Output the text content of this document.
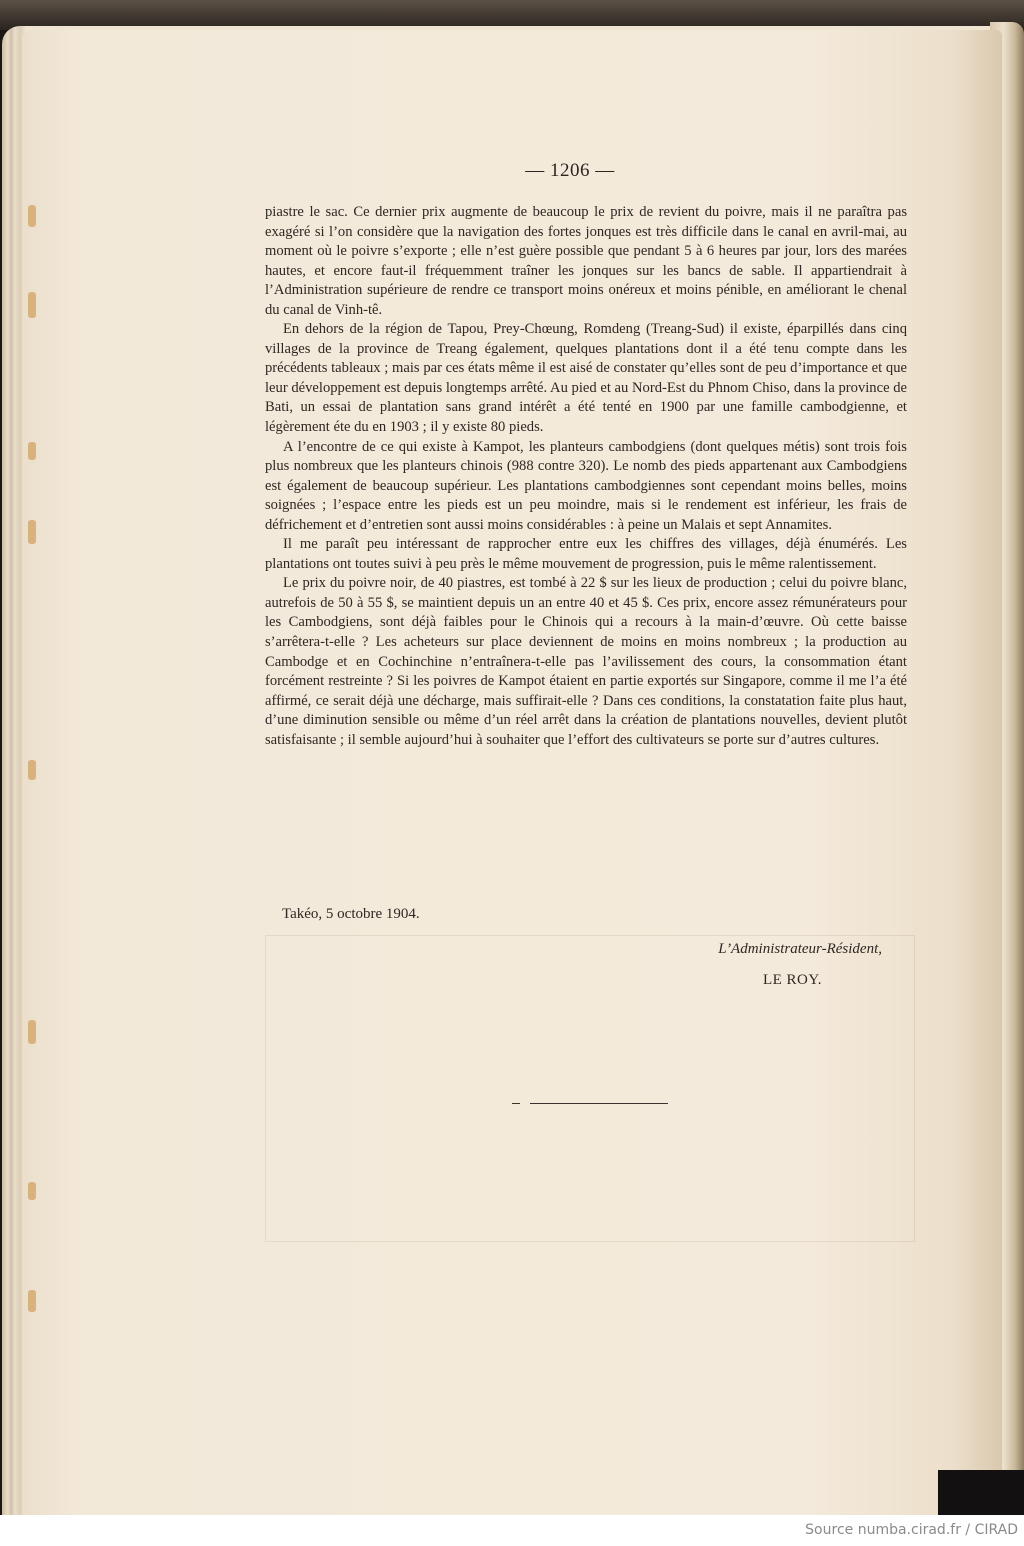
— 1206 —

piastre le sac. Ce dernier prix augmente de beaucoup le prix de revient du poivre, mais il ne paraîtra pas exagéré si l’on considère que la navigation des fortes jonques est très difficile dans le canal en avril-mai, au moment où le poivre s’exporte ; elle n’est guère possible que pendant 5 à 6 heures par jour, lors des marées hautes, et encore faut-il fréquemment traîner les jonques sur les bancs de sable. Il appartiendrait à l’Administration supérieure de rendre ce transport moins onéreux et moins pénible, en améliorant le chenal du canal de Vinh-tê.

En dehors de la région de Tapou, Prey-Chœung, Romdeng (Treang-Sud) il existe, éparpillés dans cinq villages de la province de Treang également, quelques plantations dont il a été tenu compte dans les précédents tableaux ; mais par ces états même il est aisé de constater qu’elles sont de peu d’importance et que leur développement est depuis longtemps arrêté. Au pied et au Nord-Est du Phnom Chiso, dans la province de Bati, un essai de plantation sans grand intérêt a été tenté en 1900 par une famille cambodgienne, et légèrement éte du en 1903 ; il y existe 80 pieds.

A l’encontre de ce qui existe à Kampot, les planteurs cambodgiens (dont quelques métis) sont trois fois plus nombreux que les planteurs chinois (988 contre 320). Le nomb des pieds appartenant aux Cambodgiens est également de beaucoup supérieur. Les plantations cambodgiennes sont cependant moins belles, moins soignées ; l’espace entre les pieds est un peu moindre, mais si le rendement est inférieur, les frais de défrichement et d’entretien sont aussi moins considérables : à peine un Malais et sept Annamites.

Il me paraît peu intéressant de rapprocher entre eux les chiffres des villages, déjà énumérés. Les plantations ont toutes suivi à peu près le même mouvement de progression, puis le même ralentissement.

Le prix du poivre noir, de 40 piastres, est tombé à 22 $ sur les lieux de production ; celui du poivre blanc, autrefois de 50 à 55 $, se maintient depuis un an entre 40 et 45 $. Ces prix, encore assez rémunérateurs pour les Cambodgiens, sont déjà faibles pour le Chinois qui a recours à la main-d’œuvre. Où cette baisse s’arrêtera-t-elle ? Les acheteurs sur place deviennent de moins en moins nombreux ; la production au Cambodge et en Cochinchine n’entraînera-t-elle pas l’avilissement des cours, la consommation étant forcément restreinte ? Si les poivres de Kampot étaient en partie exportés sur Singapore, comme il me l’a été affirmé, ce serait déjà une décharge, mais suffirait-elle ? Dans ces conditions, la constatation faite plus haut, d’une diminution sensible ou même d’un réel arrêt dans la création de plantations nouvelles, devient plutôt satisfaisante ; il semble aujourd’hui à souhaiter que l’effort des cultivateurs se porte sur d’autres cultures.

Takéo, 5 octobre 1904.
L’Administrateur-Résident,
LE ROY.
Source numba.cirad.fr / CIRAD
